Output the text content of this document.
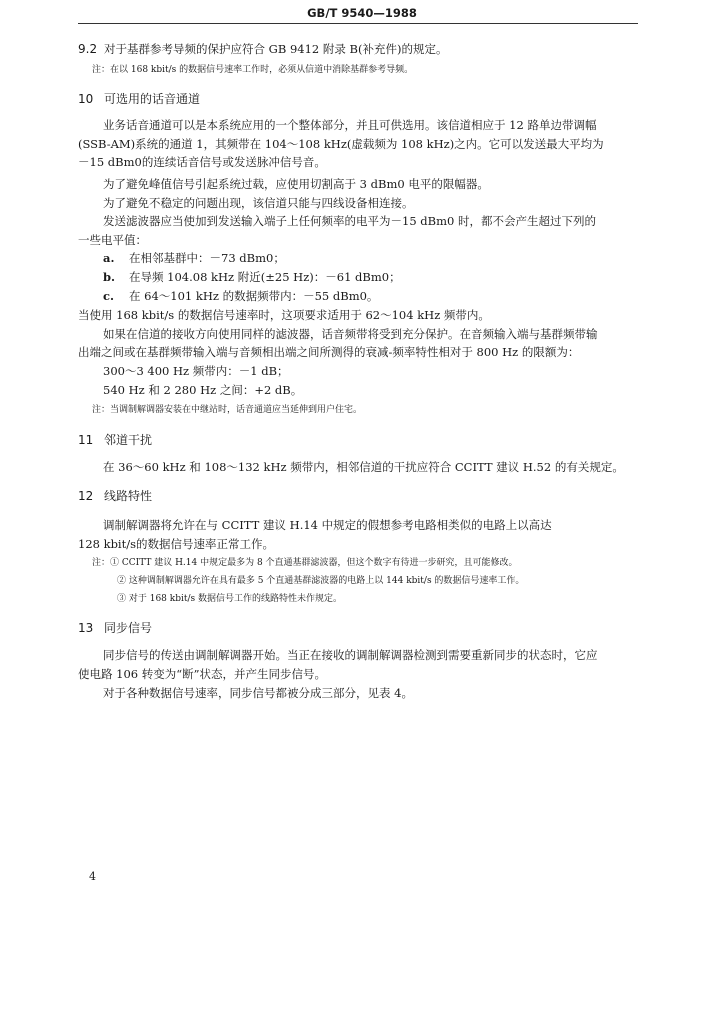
GB/T 9540—1988
9.2 对于基群参考导频的保护应符合 GB 9412 附录 B(补充件)的规定。
注：在以 168 kbit/s 的数据信号速率工作时，必须从信道中消除基群参考导频。
10 可选用的话音通道
业务话音通道可以是本系统应用的一个整体部分，并且可供选用。该信道相应于 12 路单边带调幅
(SSB-AM)系统的通道 1，其频带在 104～108 kHz(虚载频为 108 kHz)之内。它可以发送最大平均为
－15 dBm0的连续话音信号或发送脉冲信号音。
为了避免峰值信号引起系统过载，应使用切割高于 3 dBm0 电平的限幅器。
为了避免不稳定的问题出现，该信道只能与四线设备相连接。
发送滤波器应当使加到发送输入端子上任何频率的电平为－15 dBm0 时，都不会产生超过下列的
一些电平值：
a. 在相邻基群中：－73 dBm0；
b. 在导频 104.08 kHz 附近(±25 Hz)：－61 dBm0；
c. 在 64～101 kHz 的数据频带内：－55 dBm0。
当使用 168 kbit/s 的数据信号速率时，这项要求适用于 62～104 kHz 频带内。
如果在信道的接收方向使用同样的滤波器，话音频带将受到充分保护。在音频输入端与基群频带输
出端之间或在基群频带输入端与音频相出端之间所测得的衰减-频率特性相对于 800 Hz 的限额为：
300～3 400 Hz 频带内：－1 dB；
540 Hz 和 2 280 Hz 之间：+2 dB。
注：当调制解调器安装在中继站时，话音通道应当延伸到用户住宅。
11 邻道干扰
在 36～60 kHz 和 108～132 kHz 频带内，相邻信道的干扰应符合 CCITT 建议 H.52 的有关规定。
12 线路特性
调制解调器将允许在与 CCITT 建议 H.14 中规定的假想参考电路相类似的电路上以高达
128 kbit/s的数据信号速率正常工作。
注：① CCITT 建议 H.14 中规定最多为 8 个直通基群滤波器，但这个数字有待进一步研究，且可能修改。
② 这种调制解调器允许在具有最多 5 个直通基群滤波器的电路上以 144 kbit/s 的数据信号速率工作。
③ 对于 168 kbit/s 数据信号工作的线路特性未作规定。
13 同步信号
同步信号的传送由调制解调器开始。当正在接收的调制解调器检测到需要重新同步的状态时，它应
使电路 106 转变为“断”状态，并产生同步信号。
对于各种数据信号速率，同步信号都被分成三部分，见表 4。
4
